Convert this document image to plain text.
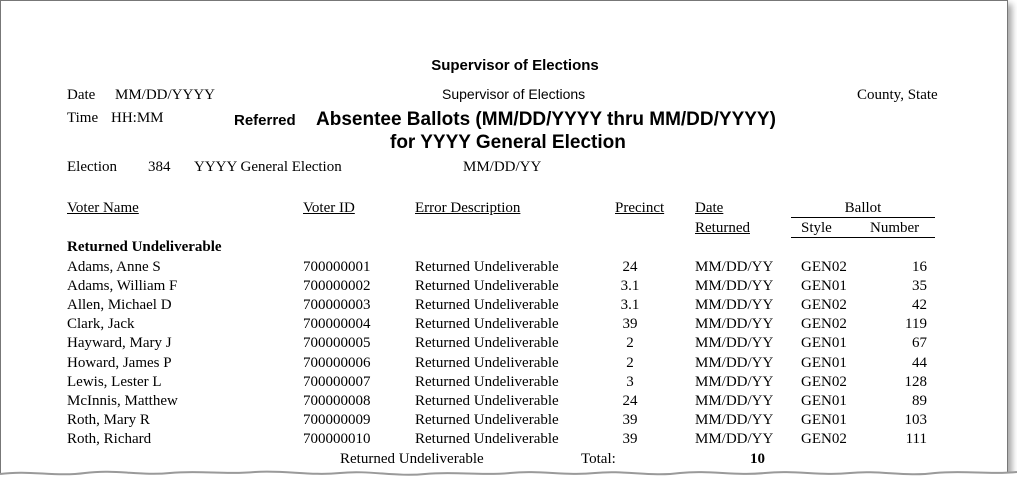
Supervisor of Elections
Date MM/DD/YYYY	Supervisor of Elections	County, State
Time HH:MM	Referred Absentee Ballots (MM/DD/YYYY thru MM/DD/YYYY)
for YYYY General Election
Election 384 YYYY General Election	MM/DD/YY
Voter Name	Voter ID	Error Description	Precinct Date
Returned
Ballot
Style	Number
Returned Undeliverable
Adams, Anne S	700000001	Returned Undeliverable	24	MM/DD/YY GEN02	16
Adams, William F	700000002	Returned Undeliverable	3.1	MM/DD/YY GEN01	35
Allen, Michael D	700000003	Returned Undeliverable	3.1	MM/DD/YY GEN02	42
Clark, Jack	700000004	Returned Undeliverable	39	MM/DD/YY GEN02	119
Hayward, Mary J	700000005	Returned Undeliverable	2	MM/DD/YY GEN01	67
Howard, James P	700000006	Returned Undeliverable	2	MM/DD/YY GEN01	44
Lewis, Lester L	700000007	Returned Undeliverable	3	MM/DD/YY GEN02	128
McInnis, Matthew	700000008	Returned Undeliverable	24	MM/DD/YY GEN01	89
Roth, Mary R	700000009	Returned Undeliverable	39	MM/DD/YY GEN01	103
Roth, Richard	700000010	Returned Undeliverable	39	MM/DD/YY GEN02	111
Returned Undeliverable	Total:	10
